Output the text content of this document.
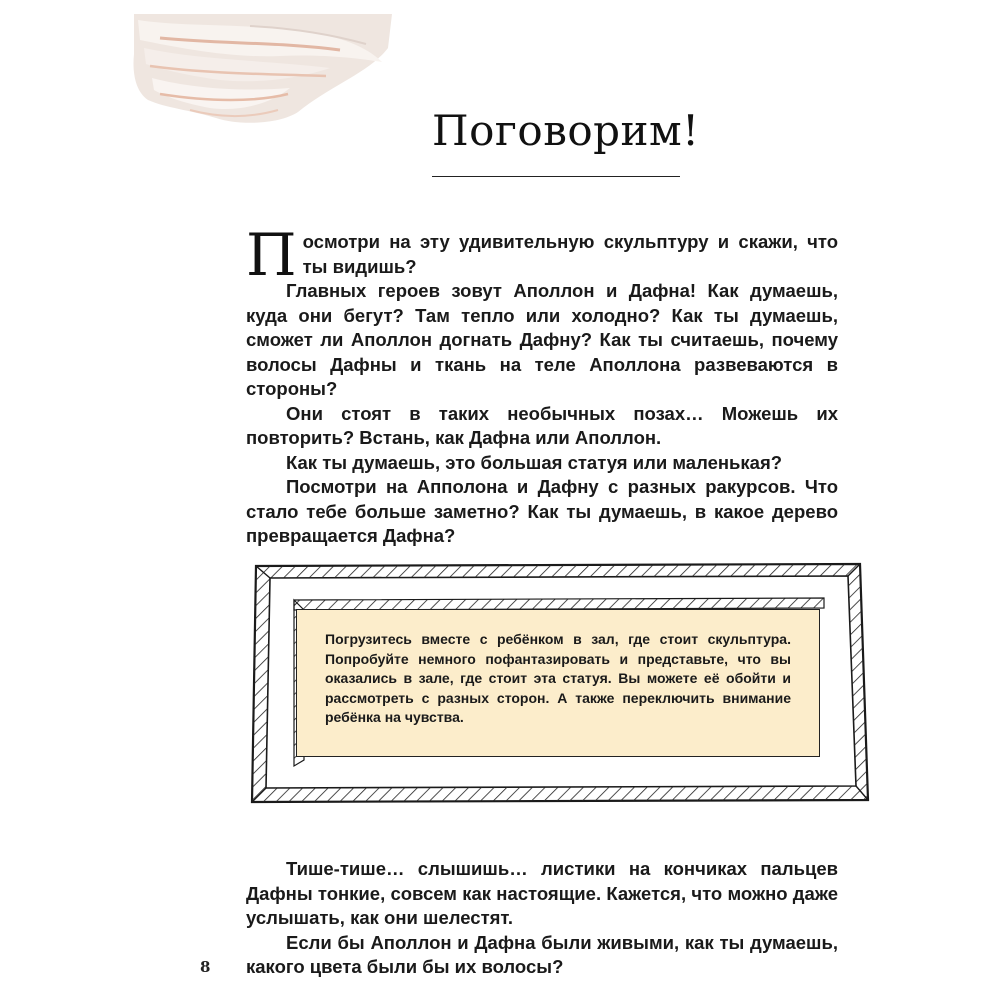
Поговорим!

Посмотри на эту удивительную скульптуру и скажи, что ты видишь?

Главных героев зовут Аполлон и Дафна! Как думаешь, куда они бегут? Там тепло или холодно? Как ты думаешь, сможет ли Аполлон догнать Дафну? Как ты считаешь, почему волосы Дафны и ткань на теле Аполлона развеваются в стороны?

Они стоят в таких необычных позах… Можешь их повторить? Встань, как Дафна или Аполлон.

Как ты думаешь, это большая статуя или маленькая?

Посмотри на Апполона и Дафну с разных ракурсов. Что стало тебе больше заметно? Как ты думаешь, в какое дерево превращается Дафна?

Погрузитесь вместе с ребёнком в зал, где стоит скульптура. Попробуйте немного пофантазировать и представьте, что вы оказались в зале, где стоит эта статуя. Вы можете её обойти и рассмотреть с разных сторон. А также переключить внимание ребёнка на чувства.

Тише-тише… слышишь… листики на кончиках пальцев Дафны тонкие, совсем как настоящие. Кажется, что можно даже услышать, как они шелестят.

Если бы Аполлон и Дафна были живыми, как ты думаешь, какого цвета были бы их волосы?

8
